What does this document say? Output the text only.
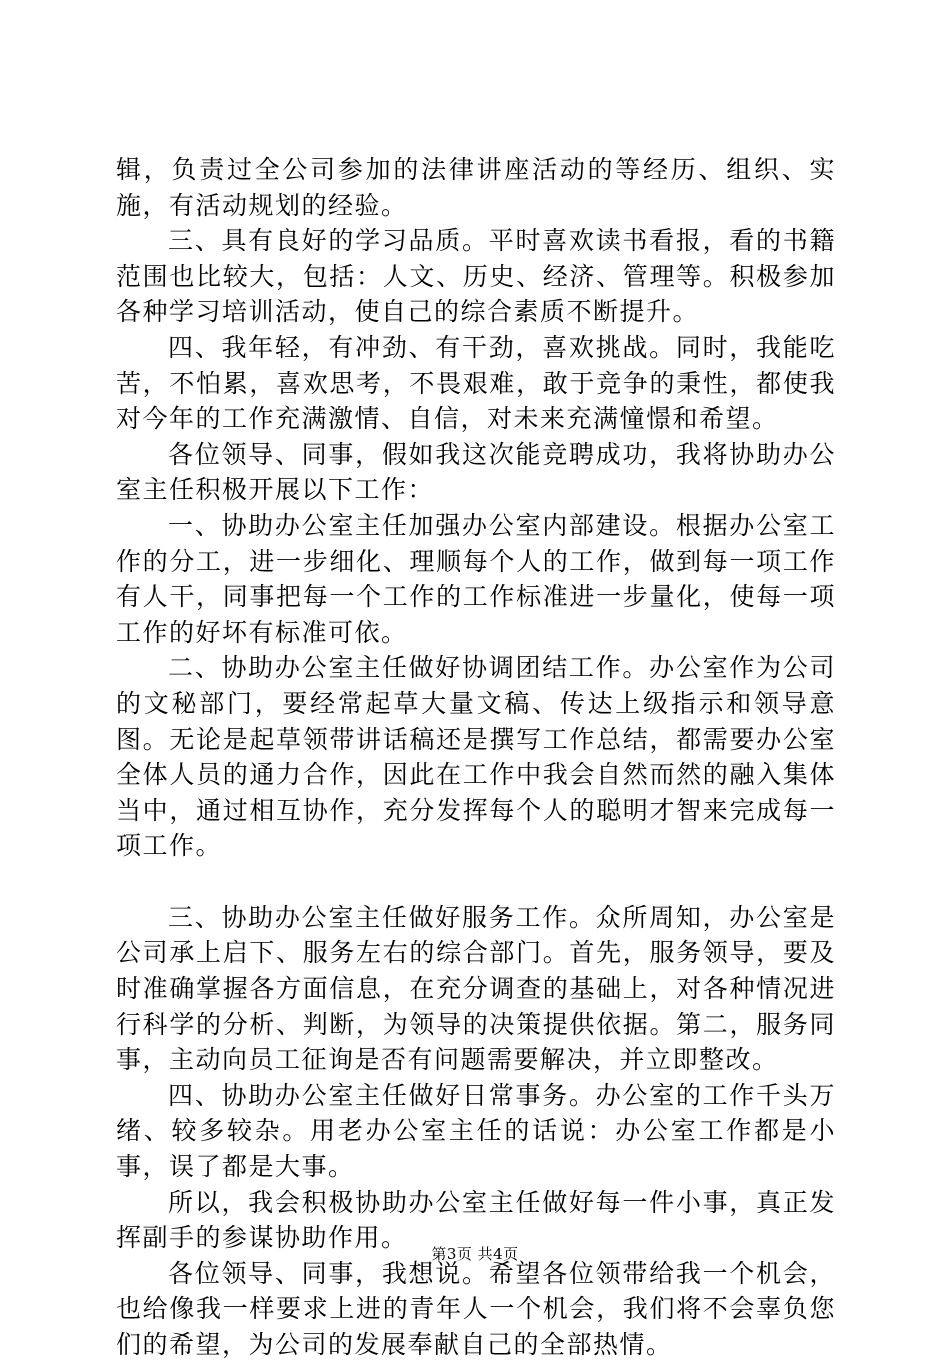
辑，负责过全公司参加的法律讲座活动的等经历、组织、实施，有活动规划的经验。

三、具有良好的学习品质。平时喜欢读书看报，看的书籍范围也比较大，包括：人文、历史、经济、管理等。积极参加各种学习培训活动，使自己的综合素质不断提升。

四、我年轻，有冲劲、有干劲，喜欢挑战。同时，我能吃苦，不怕累，喜欢思考，不畏艰难，敢于竞争的秉性，都使我对今年的工作充满激情、自信，对未来充满憧憬和希望。

各位领导、同事，假如我这次能竞聘成功，我将协助办公室主任积极开展以下工作：

一、协助办公室主任加强办公室内部建设。根据办公室工作的分工，进一步细化、理顺每个人的工作，做到每一项工作有人干，同事把每一个工作的工作标准进一步量化，使每一项工作的好坏有标准可依。

二、协助办公室主任做好协调团结工作。办公室作为公司的文秘部门，要经常起草大量文稿、传达上级指示和领导意图。无论是起草领带讲话稿还是撰写工作总结，都需要办公室全体人员的通力合作，因此在工作中我会自然而然的融入集体当中，通过相互协作，充分发挥每个人的聪明才智来完成每一项工作。

三、协助办公室主任做好服务工作。众所周知，办公室是公司承上启下、服务左右的综合部门。首先，服务领导，要及时准确掌握各方面信息，在充分调查的基础上，对各种情况进行科学的分析、判断，为领导的决策提供依据。第二，服务同事，主动向员工征询是否有问题需要解决，并立即整改。

四、协助办公室主任做好日常事务。办公室的工作千头万绪、较多较杂。用老办公室主任的话说：办公室工作都是小事，误了都是大事。

所以，我会积极协助办公室主任做好每一件小事，真正发挥副手的参谋协助作用。

各位领导、同事，我想说。希望各位领带给我一个机会，也给像我一样要求上进的青年人一个机会，我们将不会辜负您们的希望，为公司的发展奉献自己的全部热情。

第3页 共4页
